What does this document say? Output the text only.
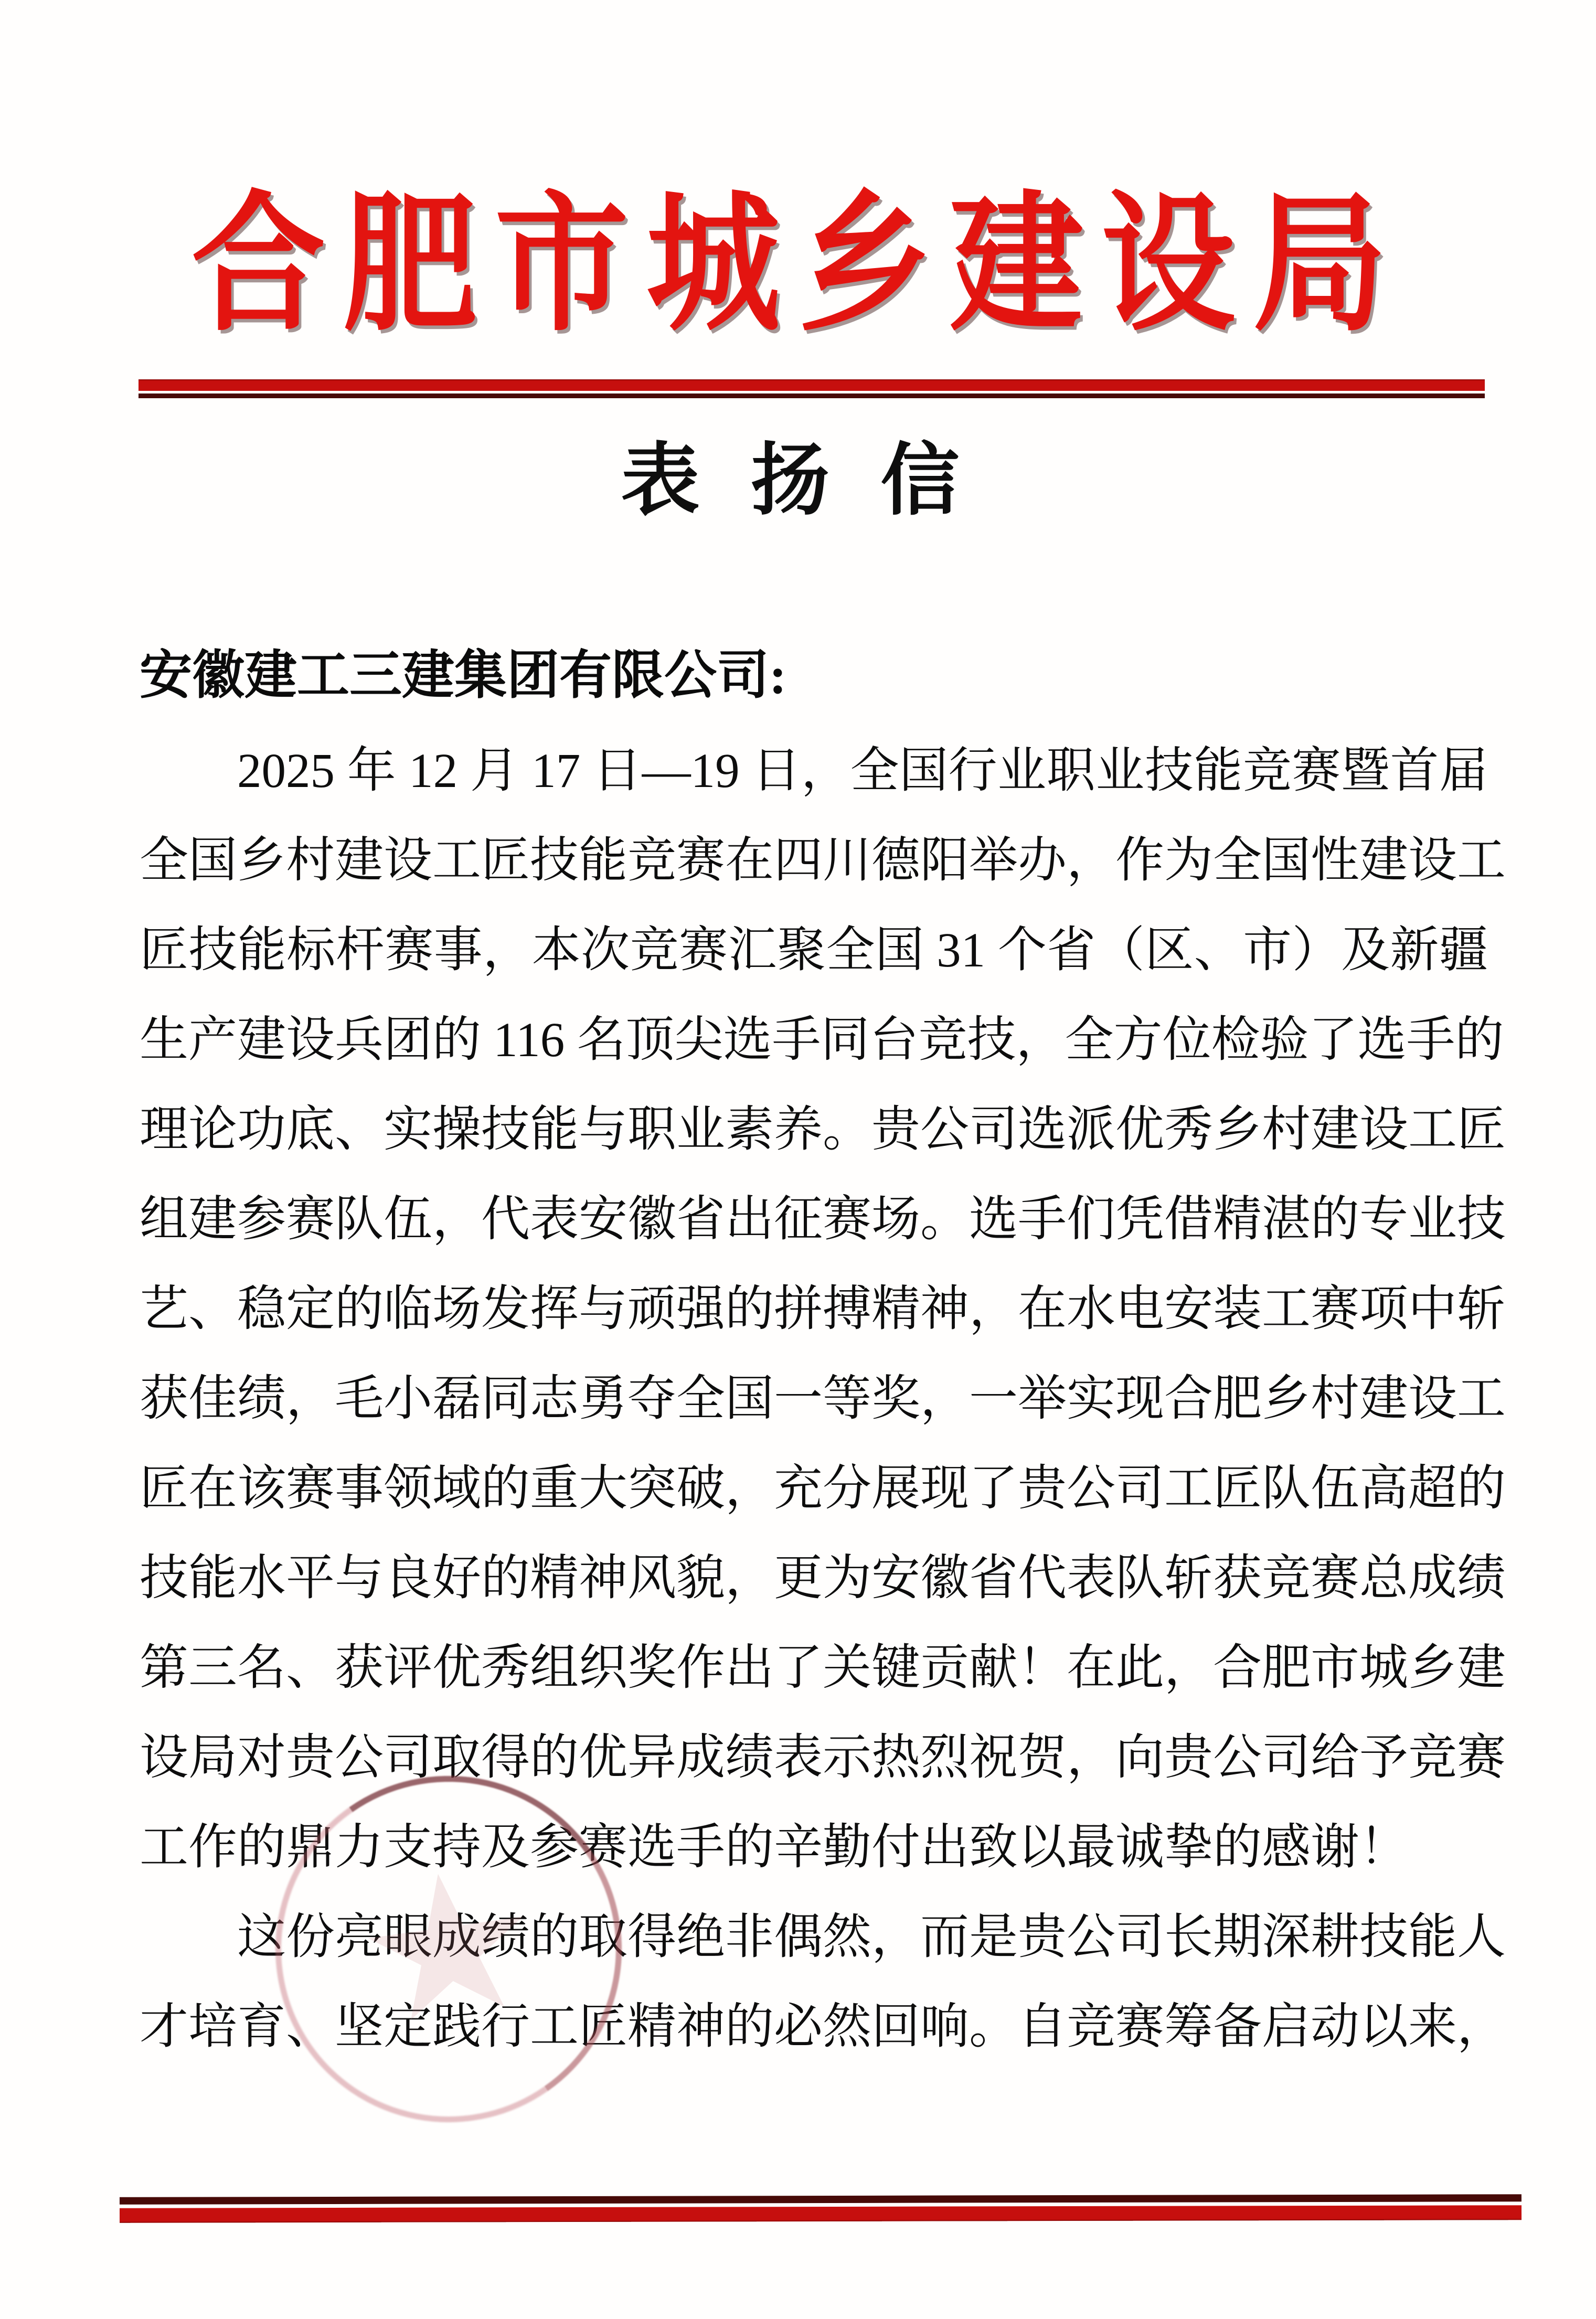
合肥市城乡建设局
表 扬 信

安徽建工三建集团有限公司:

2025 年 12 月 17 日—19 日，全国行业职业技能竞赛暨首届
全国乡村建设工匠技能竞赛在四川德阳举办，作为全国性建设工
匠技能标杆赛事，本次竞赛汇聚全国 31 个省（区、市）及新疆
生产建设兵团的 116 名顶尖选手同台竞技，全方位检验了选手的
理论功底、实操技能与职业素养。贵公司选派优秀乡村建设工匠
组建参赛队伍，代表安徽省出征赛场。选手们凭借精湛的专业技
艺、稳定的临场发挥与顽强的拼搏精神，在水电安装工赛项中斩
获佳绩，毛小磊同志勇夺全国一等奖，一举实现合肥乡村建设工
匠在该赛事领域的重大突破，充分展现了贵公司工匠队伍高超的
技能水平与良好的精神风貌，更为安徽省代表队斩获竞赛总成绩
第三名、获评优秀组织奖作出了关键贡献！在此，合肥市城乡建
设局对贵公司取得的优异成绩表示热烈祝贺，向贵公司给予竞赛
工作的鼎力支持及参赛选手的辛勤付出致以最诚挚的感谢！
这份亮眼成绩的取得绝非偶然，而是贵公司长期深耕技能人
才培育、坚定践行工匠精神的必然回响。自竞赛筹备启动以来，
